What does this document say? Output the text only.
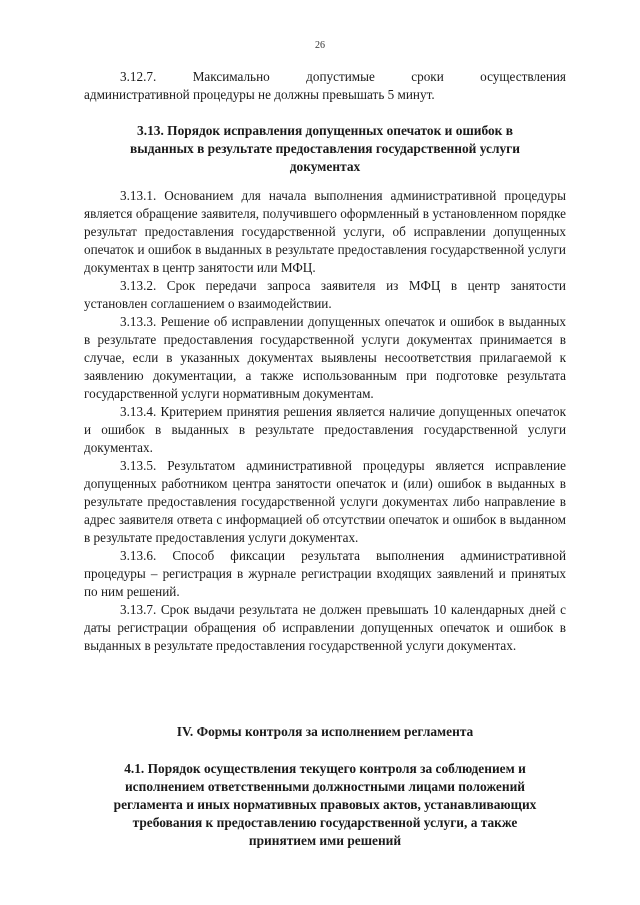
26

3.12.7. Максимально допустимые сроки осуществления

административной процедуры не должны превышать 5 минут.

3.13. Порядок исправления допущенных опечаток и ошибок в

выданных в результате предоставления государственной услуги

документах

3.13.1. Основанием для начала выполнения административной процедуры является обращение заявителя, получившего оформленный в установленном порядке результат предоставления государственной услуги, об исправлении допущенных опечаток и ошибок в выданных в результате предоставления государственной услуги документах в центр занятости или МФЦ.

3.13.2. Срок передачи запроса заявителя из МФЦ в центр занятости установлен соглашением о взаимодействии.

3.13.3. Решение об исправлении допущенных опечаток и ошибок в выданных в результате предоставления государственной услуги документах принимается в случае, если в указанных документах выявлены несоответствия прилагаемой к заявлению документации, а также использованным при подготовке результата государственной услуги нормативным документам.

3.13.4. Критерием принятия решения является наличие допущенных опечаток и ошибок в выданных в результате предоставления государственной услуги документах.

3.13.5. Результатом административной процедуры является исправление допущенных работником центра занятости опечаток и (или) ошибок в выданных в результате предоставления государственной услуги документах либо направление в адрес заявителя ответа с информацией об отсутствии опечаток и ошибок в выданном в результате предоставления услуги документах.

3.13.6. Способ фиксации результата выполнения административной процедуры – регистрация в журнале регистрации входящих заявлений и принятых по ним решений.

3.13.7. Срок выдачи результата не должен превышать 10 календарных дней с даты регистрации обращения об исправлении допущенных опечаток и ошибок в выданных в результате предоставления государственной услуги документах.

IV. Формы контроля за исполнением регламента

4.1. Порядок осуществления текущего контроля за соблюдением и

исполнением ответственными должностными лицами положений

регламента и иных нормативных правовых актов, устанавливающих

требования к предоставлению государственной услуги, а также

принятием ими решений
